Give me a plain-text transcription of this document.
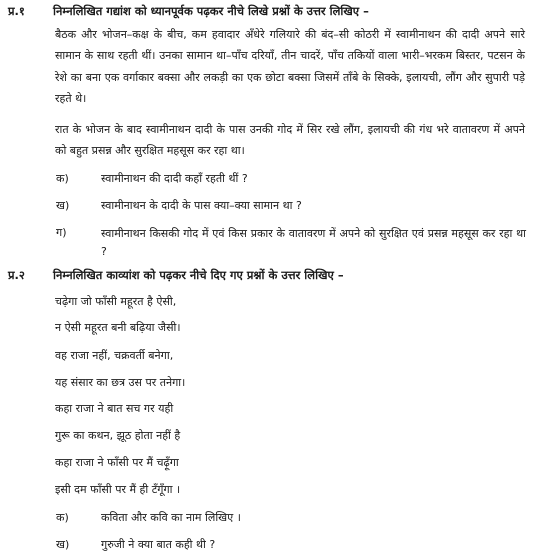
प्र.१ निम्नलिखित गद्यांश को ध्यानपूर्वक पढ़कर नीचे लिखे प्रश्नों के उत्तर लिखिए –
बैठक और भोजन–कक्ष के बीच, कम हवादार अँधेरे गलियारे की बंद–सी कोठरी में स्वामीनाथन की दादी अपने सारे सामान के साथ रहती थीं। उनका सामान था–पाँच दरियाँ, तीन चादरें, पाँच तकियों वाला भारी–भरकम बिस्तर, पटसन के रेशे का बना एक वर्गाकार बक्सा और लकड़ी का एक छोटा बक्सा जिसमें ताँबे के सिक्के, इलायची, लौंग और सुपारी पड़े रहते थे।
रात के भोजन के बाद स्वामीनाथन दादी के पास उनकी गोद में सिर रखे लौंग, इलायची की गंध भरे वातावरण में अपने को बहुत प्रसन्न और सुरक्षित महसूस कर रहा था।
क)	स्वामीनाथन की दादी कहाँ रहती थीं ?
ख)	स्वामीनाथन के दादी के पास क्या–क्या सामान था ?
ग)	स्वामीनाथन किसकी गोद में एवं किस प्रकार के वातावरण में अपने को सुरक्षित एवं प्रसन्न महसूस कर रहा था ?
प्र.२ निम्नलिखित काव्यांश को पढ़कर नीचे दिए गए प्रश्नों के उत्तर लिखिए –
चढ़ेगा जो फाँसी महूरत है ऐसी,
न ऐसी महूरत बनी बढ़िया जैसी।
वह राजा नहीं, चक्रवर्ती बनेगा,
यह संसार का छत्र उस पर तनेगा।
कहा राजा ने बात सच गर यही
गुरू का कथन, झूठ होता नहीं है
कहा राजा ने फाँसी पर मैं चढ़ूँगा
इसी दम फाँसी पर मैं ही टँगूँगा ।
क)	कविता और कवि का नाम लिखिए ।
ख)	गुरुजी ने क्या बात कही थी ?
